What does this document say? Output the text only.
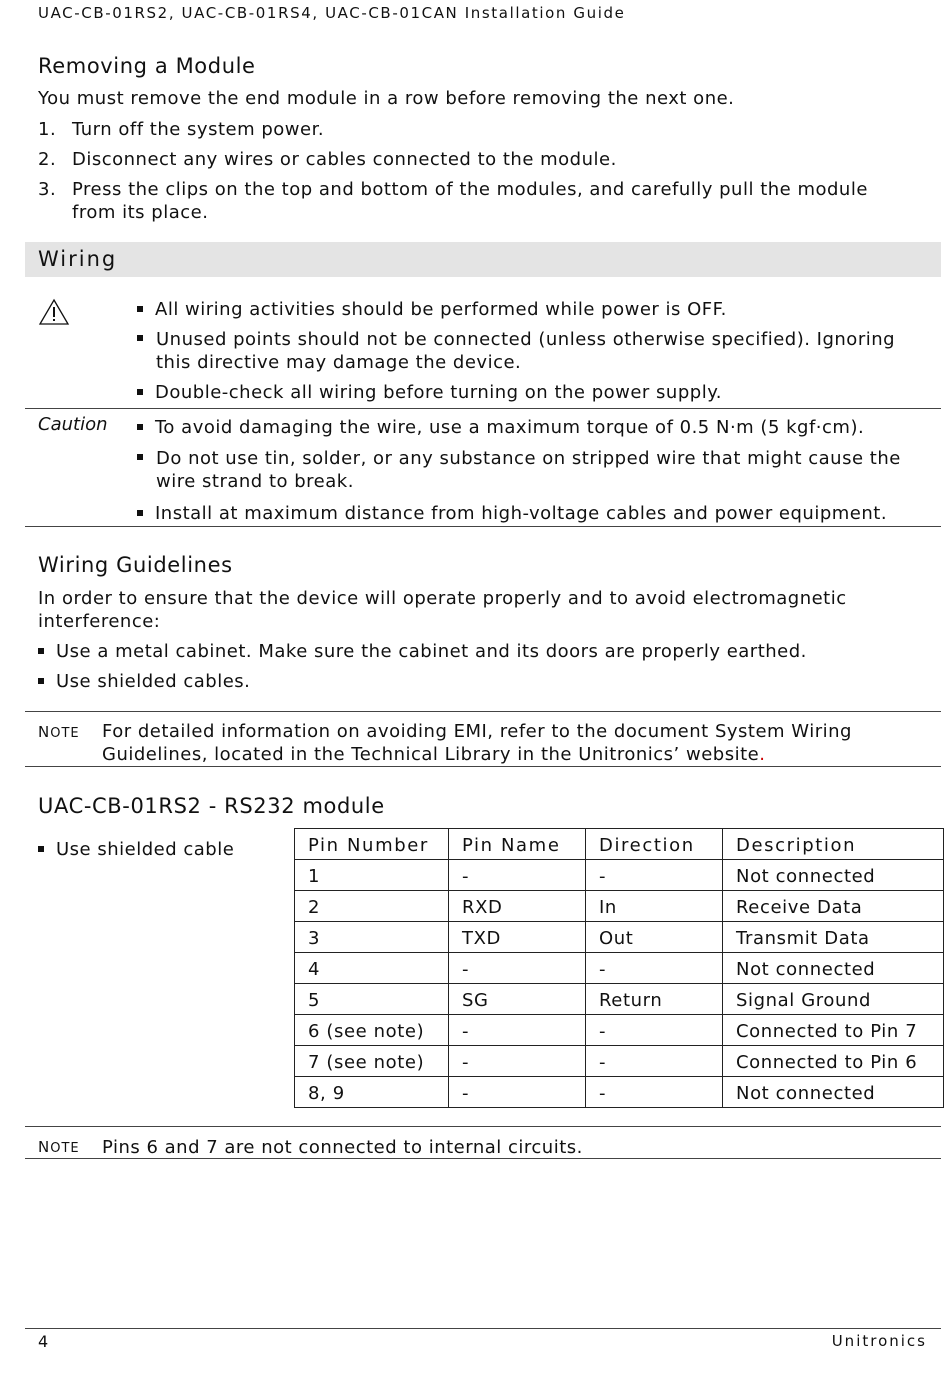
UAC-CB-01RS2, UAC-CB-01RS4, UAC-CB-01CAN Installation Guide
Removing a Module
You must remove the end module in a row before removing the next one.
1. Turn off the system power.
2. Disconnect any wires or cables connected to the module.
3. Press the clips on the top and bottom of the modules, and carefully pull the module from its place.
Wiring
All wiring activities should be performed while power is OFF.
Unused points should not be connected (unless otherwise specified). Ignoring this directive may damage the device.
Double-check all wiring before turning on the power supply.
Caution	To avoid damaging the wire, use a maximum torque of 0.5 N·m (5 kgf·cm).
Do not use tin, solder, or any substance on stripped wire that might cause the wire strand to break.
Install at maximum distance from high-voltage cables and power equipment.
Wiring Guidelines
In order to ensure that the device will operate properly and to avoid electromagnetic interference:
Use a metal cabinet. Make sure the cabinet and its doors are properly earthed.
Use shielded cables.
NOTE For detailed information on avoiding EMI, refer to the document System Wiring Guidelines, located in the Technical Library in the Unitronics’ website.
UAC-CB-01RS2 - RS232 module
Use shielded cable	Pin Number	Pin Name	Direction	Description
1	-	-	Not connected
2	RXD	In	Receive Data
3	TXD	Out	Transmit Data
4	-	-	Not connected
5	SG	Return	Signal Ground
6 (see note)	-	-	Connected to Pin 7
7 (see note)	-	-	Connected to Pin 6
8, 9	-	-	Not connected
NOTE Pins 6 and 7 are not connected to internal circuits.
4	Unitronics
